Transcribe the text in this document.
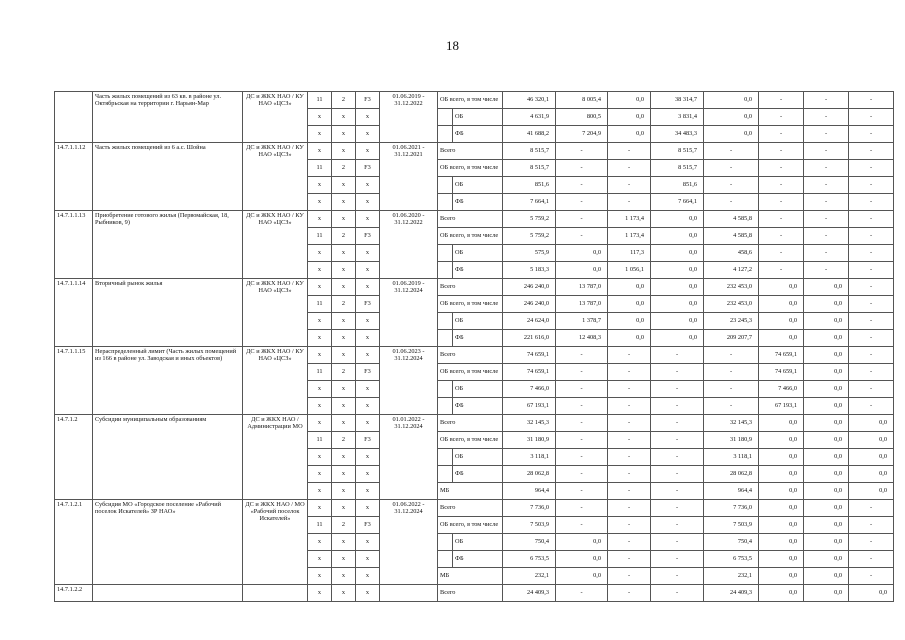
18
	Часть жилых помещений из 63 кв. в районе ул. Октябрьская на территории г. Нарьян-Мар	ДС и ЖКХ НАО / КУ НАО «ЦСЗ»	11	2	F3	01.06.2019 - 31.12.2022	ОБ всего, в том числе		46 320,1	8 005,4	0,0	38 314,7	0,0	-	-	-
			х	х	х			ОБ	4 631,9	800,5	0,0	3 831,4	0,0	-	-	-
			х	х	х			ФБ	41 688,2	7 204,9	0,0	34 483,3	0,0	-	-	-
14.7.1.1.12	Часть жилых помещений из 6 а.с. Шойна	ДС и ЖКХ НАО / КУ НАО «ЦСЗ»	х	х	х	01.06.2021 - 31.12.2021	Всего		8 515,7	-	-	8 515,7	-	-	-	-
			11	2	F3		ОБ всего, в том числе		8 515,7	-	-	8 515,7	-	-	-	-
			х	х	х			ОБ	851,6	-	-	851,6	-	-	-	-
			х	х	х			ФБ	7 664,1	-	-	7 664,1	-	-	-	-
14.7.1.1.13	Приобретение готового жилья (Первомайская, 18, Рыбников, 9)	ДС и ЖКХ НАО / КУ НАО «ЦСЗ»	х	х	х	01.06.2020 - 31.12.2022	Всего		5 759,2	-	1 173,4	0,0	4 585,8	-	-	-
			11	2	F3		ОБ всего, в том числе		5 759,2	-	1 173,4	0,0	4 585,8	-	-	-
			х	х	х			ОБ	575,9	0,0	117,3	0,0	458,6	-	-	-
			х	х	х			ФБ	5 183,3	0,0	1 056,1	0,0	4 127,2	-	-	-
14.7.1.1.14	Вторичный рынок жилья	ДС и ЖКХ НАО / КУ НАО «ЦСЗ»	х	х	х	01.06.2019 - 31.12.2024	Всего		246 240,0	13 787,0	0,0	0,0	232 453,0	0,0	0,0	-
			11	2	F3		ОБ всего, в том числе		246 240,0	13 787,0	0,0	0,0	232 453,0	0,0	0,0	-
			х	х	х			ОБ	24 624,0	1 378,7	0,0	0,0	23 245,3	0,0	0,0	-
			х	х	х			ФБ	221 616,0	12 408,3	0,0	0,0	209 207,7	0,0	0,0	-
14.7.1.1.15	Нераспределенный лимит (Часть жилых помещений из 166 в районе ул. Заводская и иных объектов)	ДС и ЖКХ НАО / КУ НАО «ЦСЗ»	х	х	х	01.06.2023 - 31.12.2024	Всего		74 659,1	-	-	-	-	74 659,1	0,0	-
			11	2	F3		ОБ всего, в том числе		74 659,1	-	-	-	-	74 659,1	0,0	-
			х	х	х			ОБ	7 466,0	-	-	-	-	7 466,0	0,0	-
			х	х	х			ФБ	67 193,1	-	-	-	-	67 193,1	0,0	-
14.7.1.2	Субсидии муниципальным образованиям	ДС и ЖКХ НАО / Администрации МО	х	х	х	01.01.2022 - 31.12.2024	Всего		32 145,3	-	-	-	32 145,3	0,0	0,0	0,0
			11	2	F3		ОБ всего, в том числе		31 180,9	-	-	-	31 180,9	0,0	0,0	0,0
			х	х	х			ОБ	3 118,1	-	-	-	3 118,1	0,0	0,0	0,0
			х	х	х			ФБ	28 062,8	-	-	-	28 062,8	0,0	0,0	0,0
			х	х	х		МБ		964,4	-	-	-	964,4	0,0	0,0	0,0
14.7.1.2.1	Субсидия МО «Городское поселение «Рабочий поселок Искателей» ЗР НАО»	ДС и ЖКХ НАО / МО «Рабочий поселок Искателей»	х	х	х	01.06.2022 - 31.12.2024	Всего		7 736,0	-	-	-	7 736,0	0,0	0,0	-
			11	2	F3		ОБ всего, в том числе		7 503,9	-	-	-	7 503,9	0,0	0,0	-
			х	х	х			ОБ	750,4	0,0	-	-	750,4	0,0	0,0	-
			х	х	х			ФБ	6 753,5	0,0	-	-	6 753,5	0,0	0,0	-
			х	х	х		МБ		232,1	0,0	-	-	232,1	0,0	0,0	-
14.7.1.2.2			х	х	х		Всего		24 409,3	-	-	-	24 409,3	0,0	0,0	0,0
